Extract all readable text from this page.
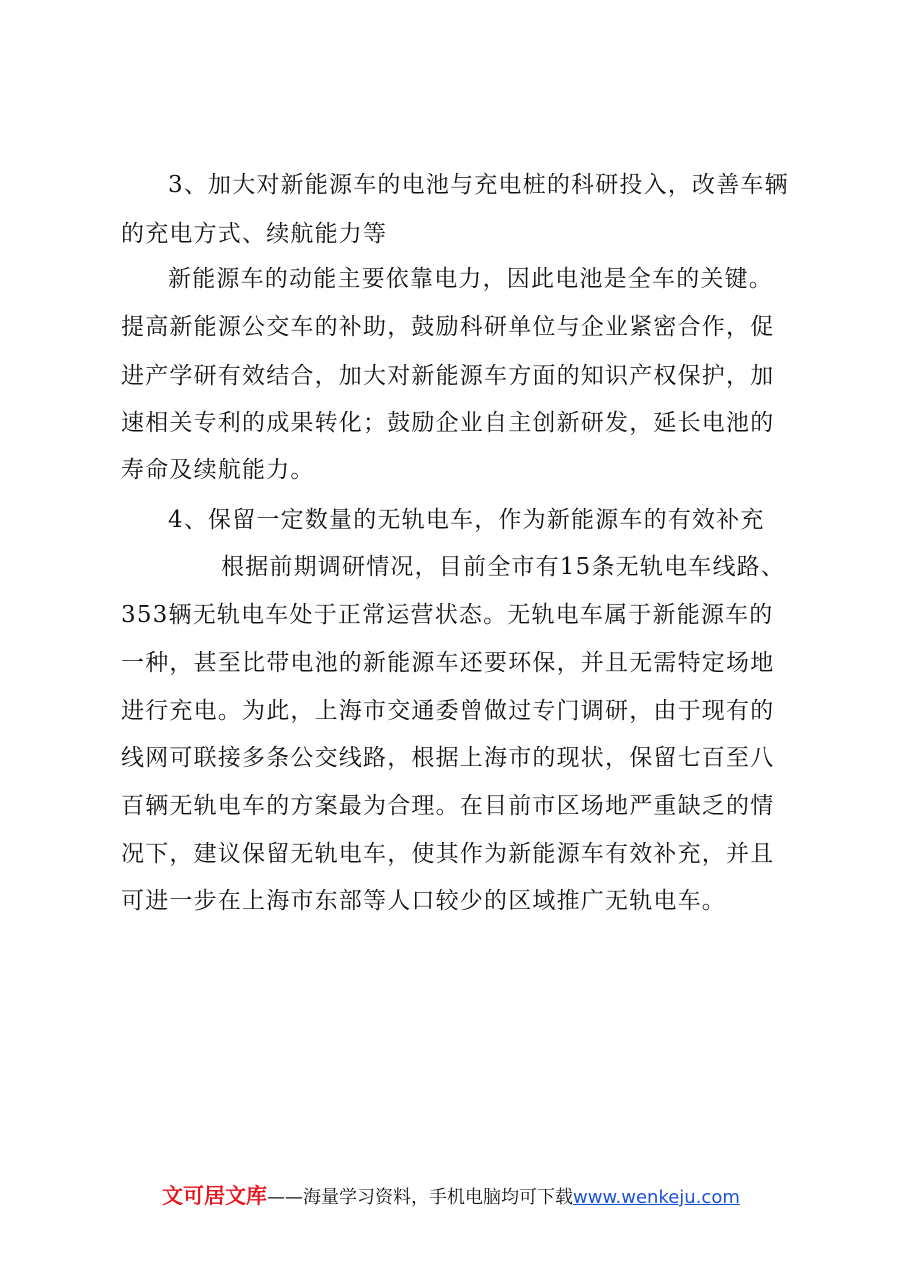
3、加大对新能源车的电池与充电桩的科研投入，改善车辆
的充电方式、续航能力等
新能源车的动能主要依靠电力，因此电池是全车的关键。
提高新能源公交车的补助，鼓励科研单位与企业紧密合作，促
进产学研有效结合，加大对新能源车方面的知识产权保护，加
速相关专利的成果转化；鼓励企业自主创新研发，延长电池的
寿命及续航能力。
4、保留一定数量的无轨电车，作为新能源车的有效补充
根据前期调研情况，目前全市有15条无轨电车线路、
353辆无轨电车处于正常运营状态。无轨电车属于新能源车的
一种，甚至比带电池的新能源车还要环保，并且无需特定场地
进行充电。为此，上海市交通委曾做过专门调研，由于现有的
线网可联接多条公交线路，根据上海市的现状，保留七百至八
百辆无轨电车的方案最为合理。在目前市区场地严重缺乏的情
况下，建议保留无轨电车，使其作为新能源车有效补充，并且
可进一步在上海市东部等人口较少的区域推广无轨电车。
文可居文库——海量学习资料，手机电脑均可下载www.wenkeju.com
